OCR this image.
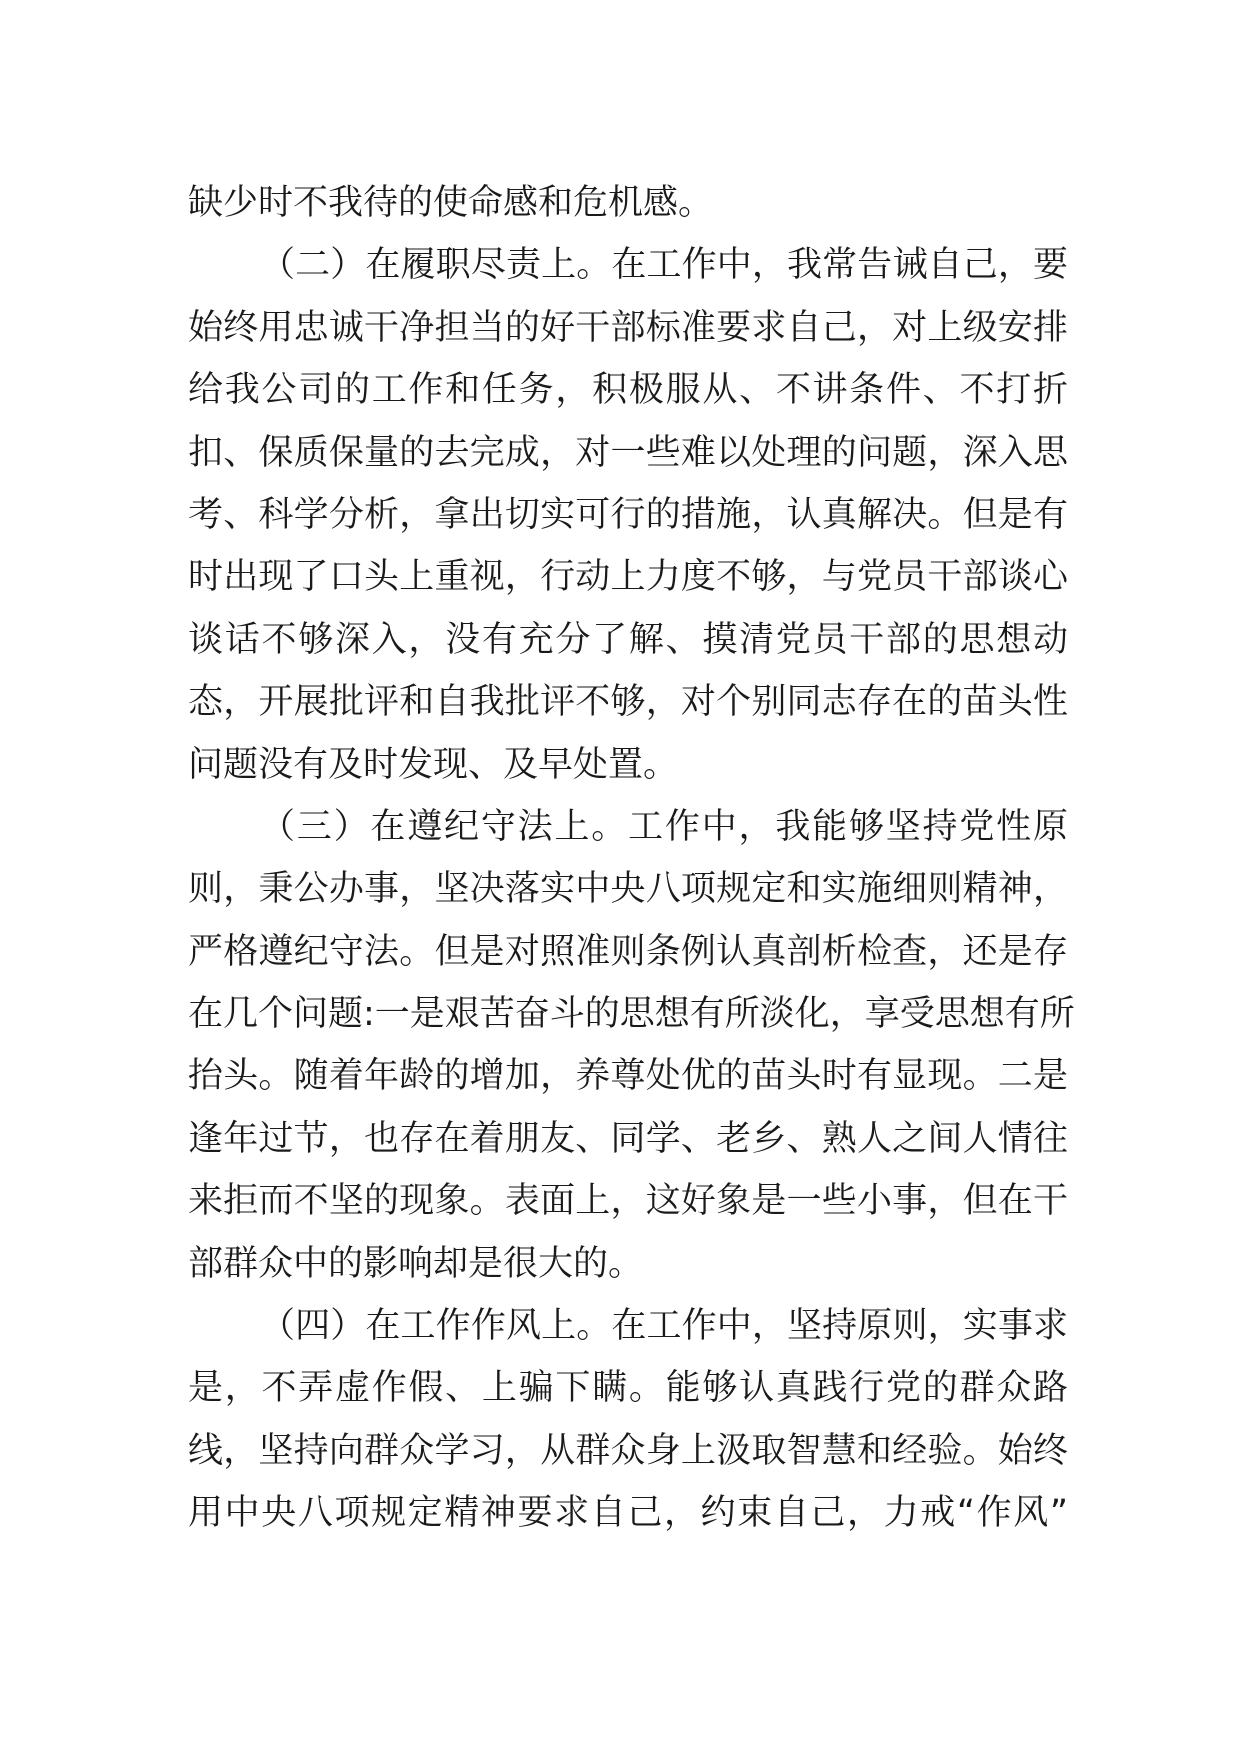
缺少时不我待的使命感和危机感。
（二）在履职尽责上。在工作中，我常告诫自己，要
始终用忠诚干净担当的好干部标准要求自己，对上级安排
给我公司的工作和任务，积极服从、不讲条件、不打折
扣、保质保量的去完成，对一些难以处理的问题，深入思
考、科学分析，拿出切实可行的措施，认真解决。但是有
时出现了口头上重视，行动上力度不够，与党员干部谈心
谈话不够深入，没有充分了解、摸清党员干部的思想动
态，开展批评和自我批评不够，对个别同志存在的苗头性
问题没有及时发现、及早处置。
（三）在遵纪守法上。工作中，我能够坚持党性原
则，秉公办事，坚决落实中央八项规定和实施细则精神，
严格遵纪守法。但是对照准则条例认真剖析检查，还是存
在几个问题:一是艰苦奋斗的思想有所淡化，享受思想有所
抬头。随着年龄的增加，养尊处优的苗头时有显现。二是
逢年过节，也存在着朋友、同学、老乡、熟人之间人情往
来拒而不坚的现象。表面上，这好象是一些小事，但在干
部群众中的影响却是很大的。
（四）在工作作风上。在工作中，坚持原则，实事求
是，不弄虚作假、上骗下瞒。能够认真践行党的群众路
线，坚持向群众学习，从群众身上汲取智慧和经验。始终
用中央八项规定精神要求自己，约束自己，力戒“作风”
